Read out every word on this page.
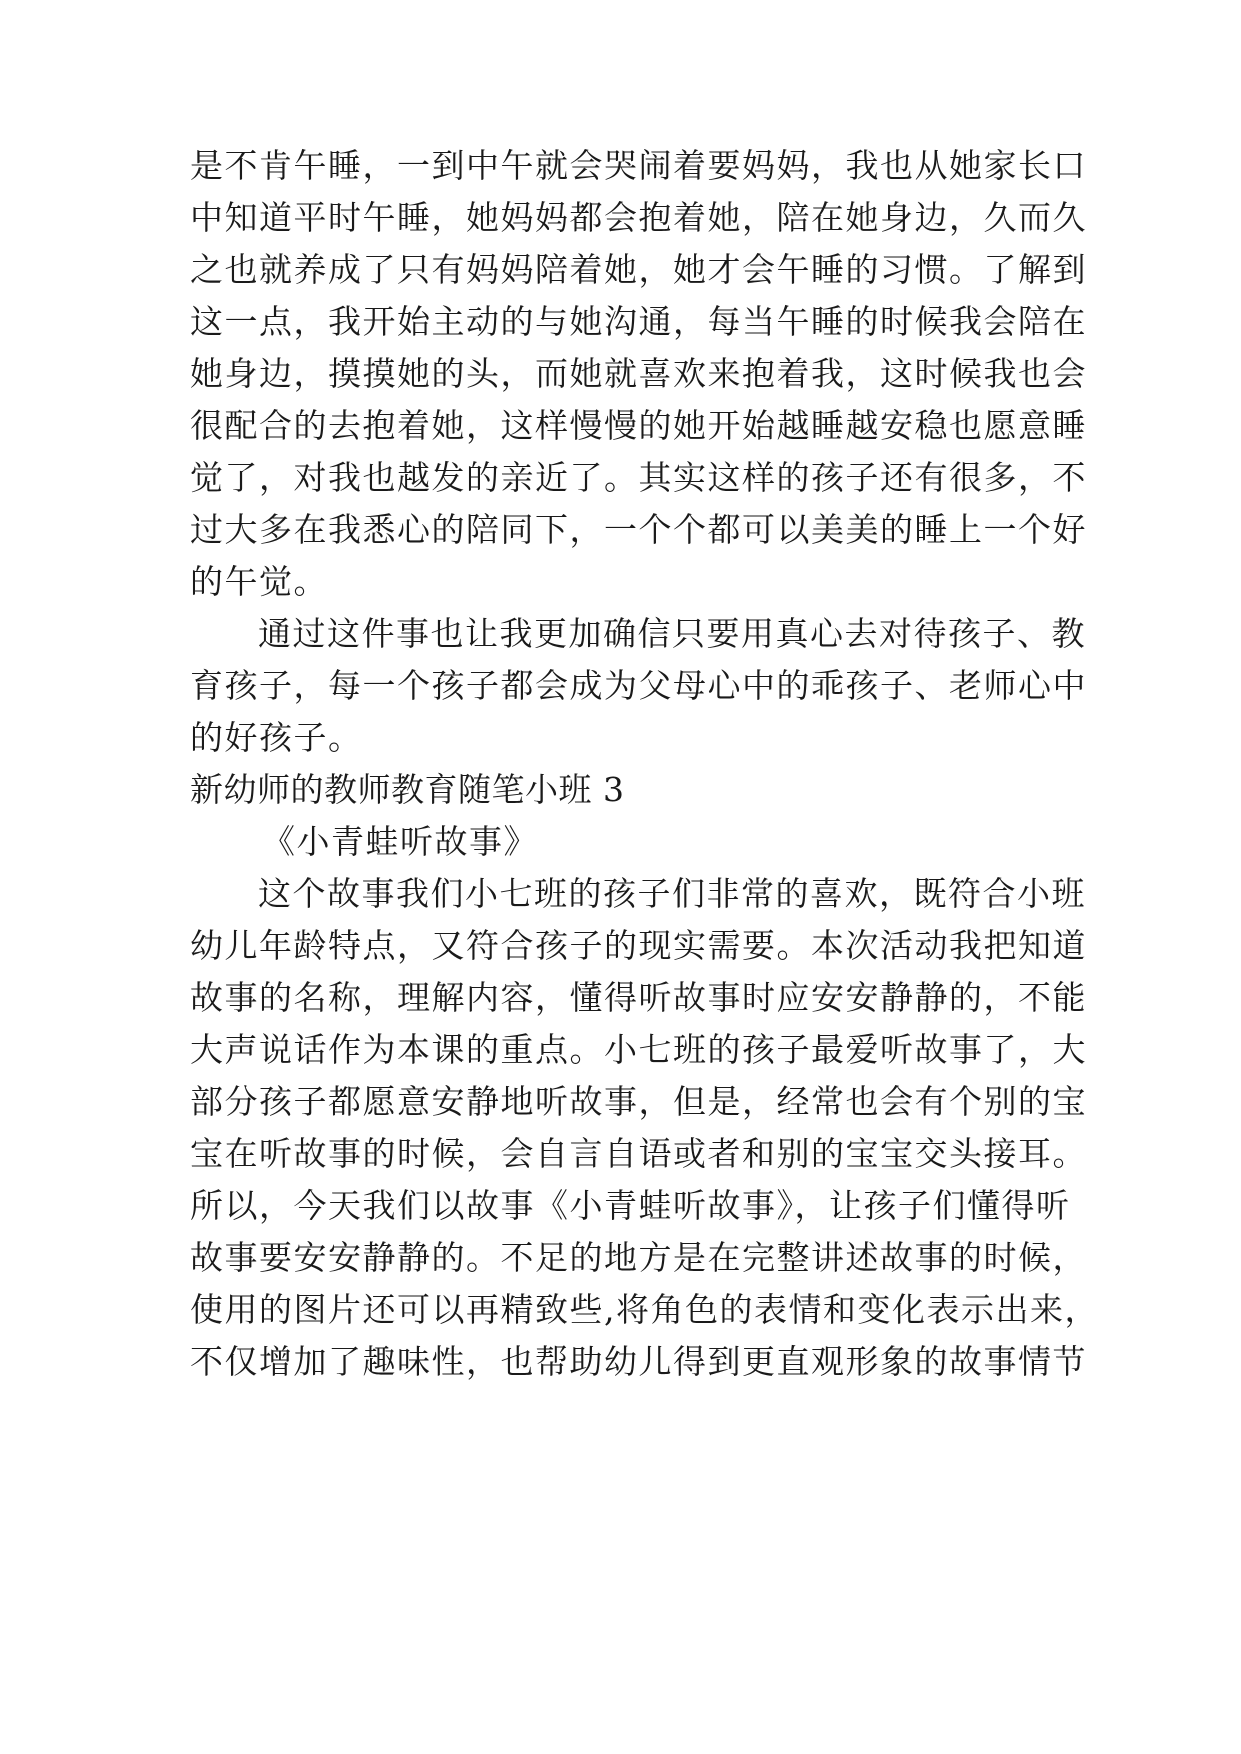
是不肯午睡，一到中午就会哭闹着要妈妈，我也从她家长口
中知道平时午睡，她妈妈都会抱着她，陪在她身边，久而久
之也就养成了只有妈妈陪着她，她才会午睡的习惯。了解到
这一点，我开始主动的与她沟通，每当午睡的时候我会陪在
她身边，摸摸她的头，而她就喜欢来抱着我，这时候我也会
很配合的去抱着她，这样慢慢的她开始越睡越安稳也愿意睡
觉了，对我也越发的亲近了。其实这样的孩子还有很多，不
过大多在我悉心的陪同下，一个个都可以美美的睡上一个好
的午觉。
通过这件事也让我更加确信只要用真心去对待孩子、教
育孩子，每一个孩子都会成为父母心中的乖孩子、老师心中
的好孩子。
新幼师的教师教育随笔小班 3
《小青蛙听故事》
这个故事我们小七班的孩子们非常的喜欢，既符合小班
幼儿年龄特点，又符合孩子的现实需要。本次活动我把知道
故事的名称，理解内容，懂得听故事时应安安静静的，不能
大声说话作为本课的重点。小七班的孩子最爱听故事了，大
部分孩子都愿意安静地听故事，但是，经常也会有个别的宝
宝在听故事的时候，会自言自语或者和别的宝宝交头接耳。
所以，今天我们以故事《小青蛙听故事》，让孩子们懂得听
故事要安安静静的。不足的地方是在完整讲述故事的时候，
使用的图片还可以再精致些,将角色的表情和变化表示出来，
不仅增加了趣味性，也帮助幼儿得到更直观形象的故事情节
